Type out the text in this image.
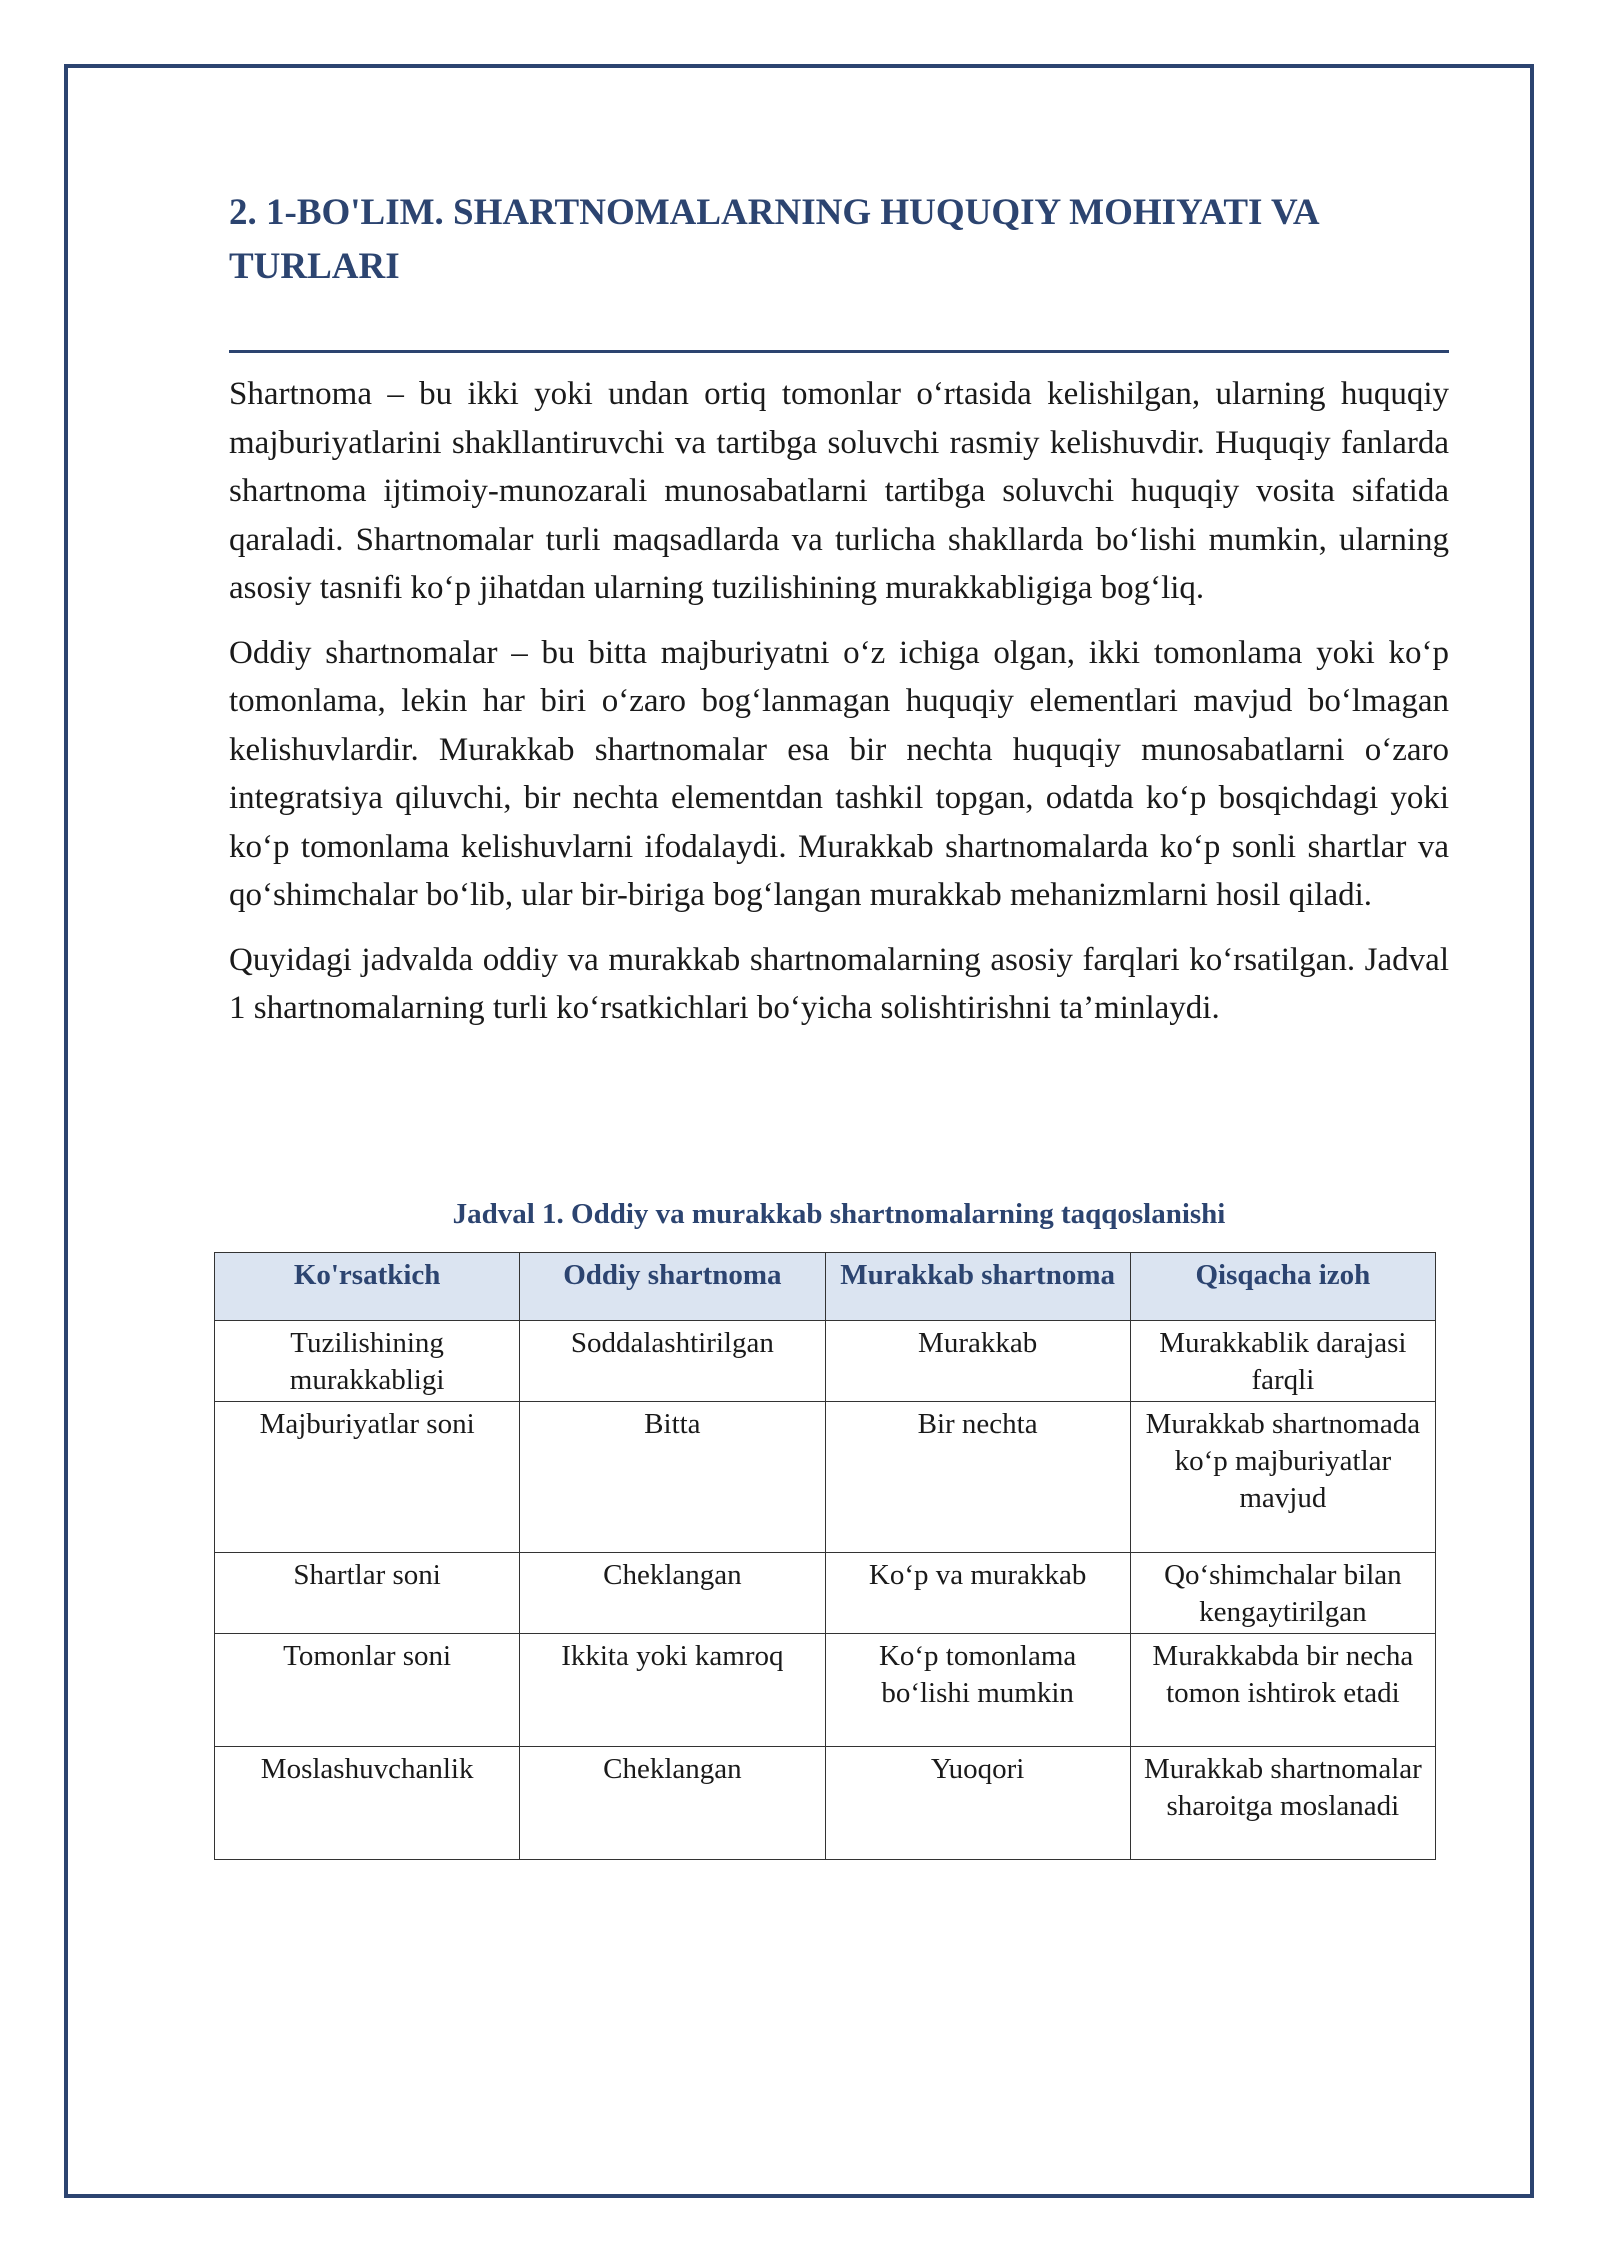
2. 1-BO'LIM. SHARTNOMALARNING HUQUQIY MOHIYATI VA TURLARI

Shartnoma – bu ikki yoki undan ortiq tomonlar o‘rtasida kelishilgan, ularning huquqiy majburiyatlarini shakllantiruvchi va tartibga soluvchi rasmiy kelishuvdir. Huquqiy fanlarda shartnoma ijtimoiy-munozarali munosabatlarni tartibga soluvchi huquqiy vosita sifatida qaraladi. Shartnomalar turli maqsadlarda va turlicha shakllarda bo‘lishi mumkin, ularning asosiy tasnifi ko‘p jihatdan ularning tuzilishining murakkabligiga bog‘liq.

Oddiy shartnomalar – bu bitta majburiyatni o‘z ichiga olgan, ikki tomonlama yoki ko‘p tomonlama, lekin har biri o‘zaro bog‘lanmagan huquqiy elementlari mavjud bo‘lmagan kelishuvlardir. Murakkab shartnomalar esa bir nechta huquqiy munosabatlarni o‘zaro integratsiya qiluvchi, bir nechta elementdan tashkil topgan, odatda ko‘p bosqichdagi yoki ko‘p tomonlama kelishuvlarni ifodalaydi. Murakkab shartnomalarda ko‘p sonli shartlar va qo‘shimchalar bo‘lib, ular bir-biriga bog‘langan murakkab mehanizmlarni hosil qiladi.

Quyidagi jadvalda oddiy va murakkab shartnomalarning asosiy farqlari ko‘rsatilgan. Jadval 1 shartnomalarning turli ko‘rsatkichlari bo‘yicha solishtirishni ta’minlaydi.

Jadval 1. Oddiy va murakkab shartnomalarning taqqoslanishi

Ko'rsatkich	Oddiy shartnoma	Murakkab shartnoma	Qisqacha izoh
Tuzilishining murakkabligi	Soddalashtirilgan	Murakkab	Murakkablik darajasi farqli
Majburiyatlar soni	Bitta	Bir nechta	Murakkab shartnomada ko‘p majburiyatlar mavjud
Shartlar soni	Cheklangan	Ko‘p va murakkab	Qo‘shimchalar bilan kengaytirilgan
Tomonlar soni	Ikkita yoki kamroq	Ko‘p tomonlama bo‘lishi mumkin	Murakkabda bir necha tomon ishtirok etadi
Moslashuvchanlik	Cheklangan	Yuoqori	Murakkab shartnomalar sharoitga moslanadi
